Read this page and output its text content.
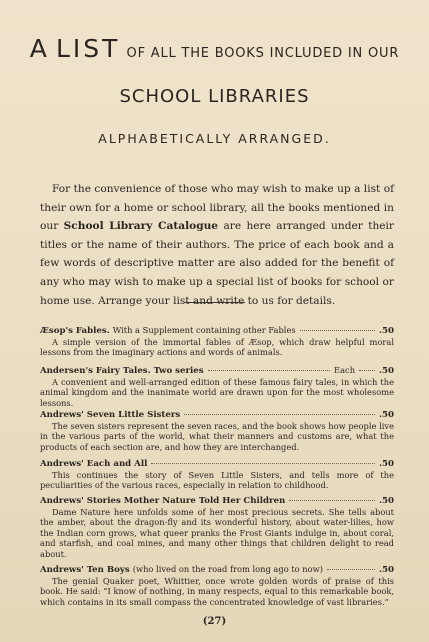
A LIST OF ALL THE BOOKS INCLUDED IN OUR
SCHOOL LIBRARIES
ALPHABETICALLY ARRANGED.
For the convenience of those who may wish to make up a list of their own for a home or school library, all the books mentioned in our School Library Catalogue are here arranged under their titles or the name of their authors. The price of each book and a few words of descriptive matter are also added for the benefit of any who may wish to make up a special list of books for school or home use. Arrange your list and write to us for details.
Æsop's Fables. With a Supplement containing other Fables	.50
A simple version of the immortal fables of Æsop, which draw helpful moral lessons from the imaginary actions and words of animals.
Andersen's Fairy Tales. Two series	Each	.50
A convenient and well-arranged edition of these famous fairy tales, in which the animal kingdom and the inanimate world are drawn upon for the most wholesome lessons.
Andrews' Seven Little Sisters	.50
The seven sisters represent the seven races, and the book shows how people live in the various parts of the world, what their manners and customs are, what the products of each section are, and how they are interchanged.
Andrews' Each and All	.50
This continues the story of Seven Little Sisters, and tells more of the peculiarities of the various races, especially in relation to childhood.
Andrews' Stories Mother Nature Told Her Children	.50
Dame Nature here unfolds some of her most precious secrets. She tells about the amber, about the dragon-fly and its wonderful history, about water-lilies, how the Indian corn grows, what queer pranks the Frost Giants indulge in, about coral, and starfish, and coal mines, and many other things that children delight to read about.
Andrews' Ten Boys (who lived on the road from long ago to now)	.50
The genial Quaker poet, Whittier, once wrote golden words of praise of this book. He said: “I know of nothing, in many respects, equal to this remarkable book, which contains in its small compass the concentrated knowledge of vast libraries.”
(27)
